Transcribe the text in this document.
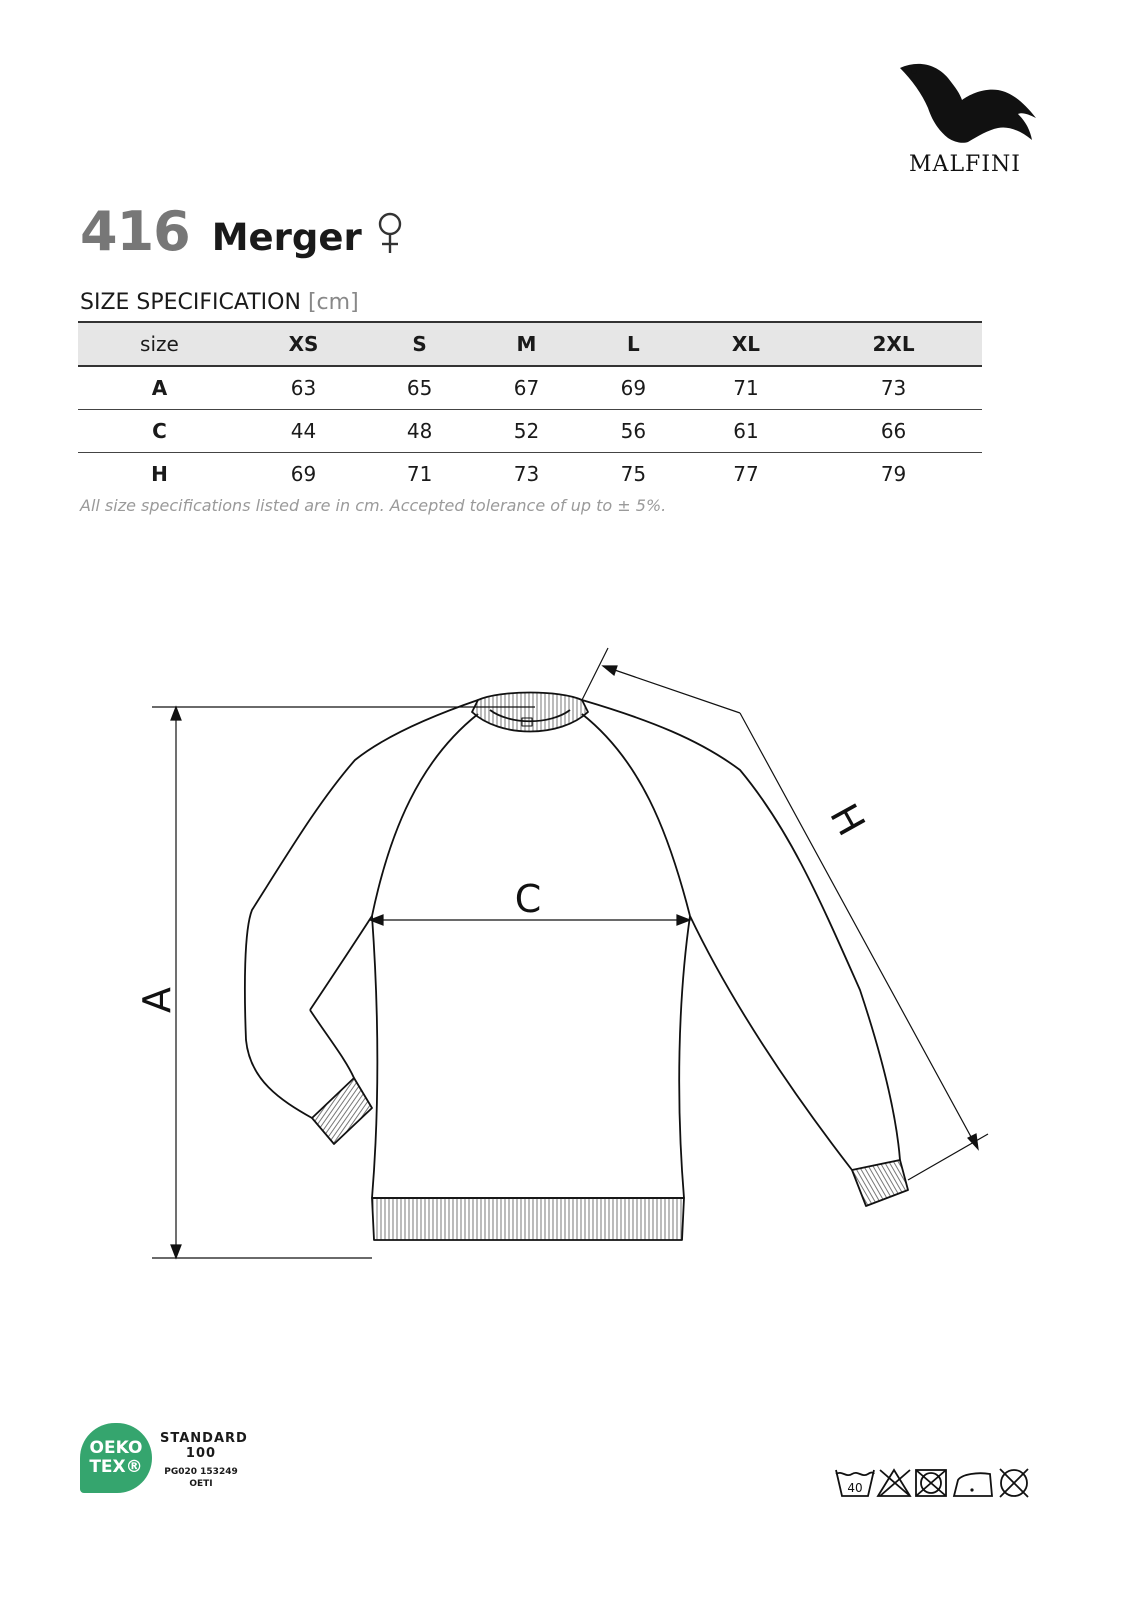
MALFINI
416 Merger
SIZE SPECIFICATION [cm]
size	XS	S	M	L	XL	2XL
A	63	65	67	69	71	73
C	44	48	52	56	61	66
H	69	71	73	75	77	79
All size specifications listed are in cm. Accepted tolerance of up to ± 5%.
A
C
H
OEKO
TEX®
STANDARD
100
PG020 153249
OETI	40
